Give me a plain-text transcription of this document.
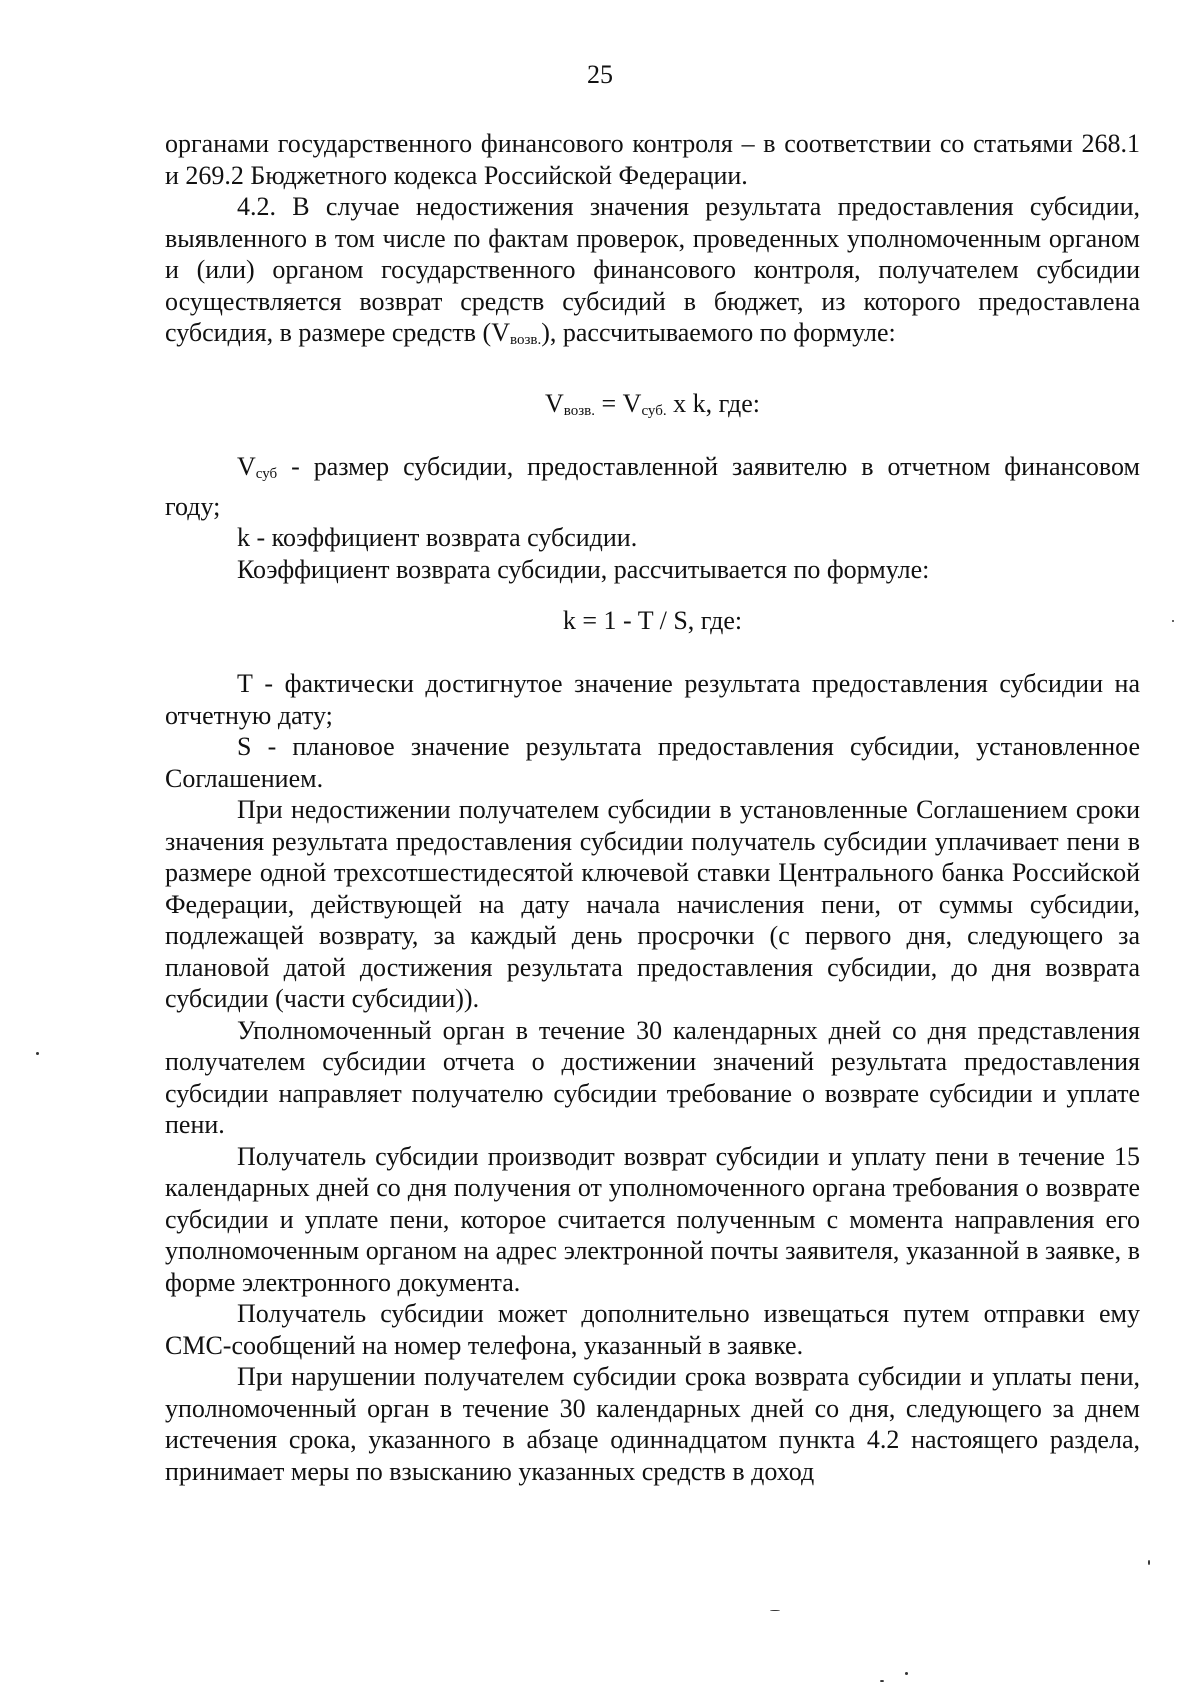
25

органами государственного финансового контроля – в соответствии со статьями 268.1 и 269.2 Бюджетного кодекса Российской Федерации.

4.2. В случае недостижения значения результата предоставления субсидии, выявленного в том числе по фактам проверок, проведенных уполномоченным органом и (или) органом государственного финансового контроля, получателем субсидии осуществляется возврат средств субсидий в бюджет, из которого предоставлена субсидия, в размере средств $(V_{возв.})$, рассчитываемого по формуле:

$V_{возв.} = V_{суб.}$ х k, где:

$V_{суб}$ - размер субсидии, предоставленной заявителю в отчетном финансовом году;

k - коэффициент возврата субсидии.

Коэффициент возврата субсидии, рассчитывается по формуле:

k = 1 - T / S, где:

Т - фактически достигнутое значение результата предоставления субсидии на отчетную дату;

S - плановое значение результата предоставления субсидии, установленное Соглашением.

При недостижении получателем субсидии в установленные Соглашением сроки значения результата предоставления субсидии получатель субсидии уплачивает пени в размере одной трехсотшестидесятой ключевой ставки Центрального банка Российской Федерации, действующей на дату начала начисления пени, от суммы субсидии, подлежащей возврату, за каждый день просрочки (с первого дня, следующего за плановой датой достижения результата предоставления субсидии, до дня возврата субсидии (части субсидии)).

Уполномоченный орган в течение 30 календарных дней со дня представления получателем субсидии отчета о достижении значений результата предоставления субсидии направляет получателю субсидии требование о возврате субсидии и уплате пени.

Получатель субсидии производит возврат субсидии и уплату пени в течение 15 календарных дней со дня получения от уполномоченного органа требования о возврате субсидии и уплате пени, которое считается полученным с момента направления его уполномоченным органом на адрес электронной почты заявителя, указанной в заявке, в форме электронного документа.

Получатель субсидии может дополнительно извещаться путем отправки ему СМС-сообщений на номер телефона, указанный в заявке.

При нарушении получателем субсидии срока возврата субсидии и уплаты пени, уполномоченный орган в течение 30 календарных дней со дня, следующего за днем истечения срока, указанного в абзаце одиннадцатом пункта 4.2 настоящего раздела, принимает меры по взысканию указанных средств в доход
